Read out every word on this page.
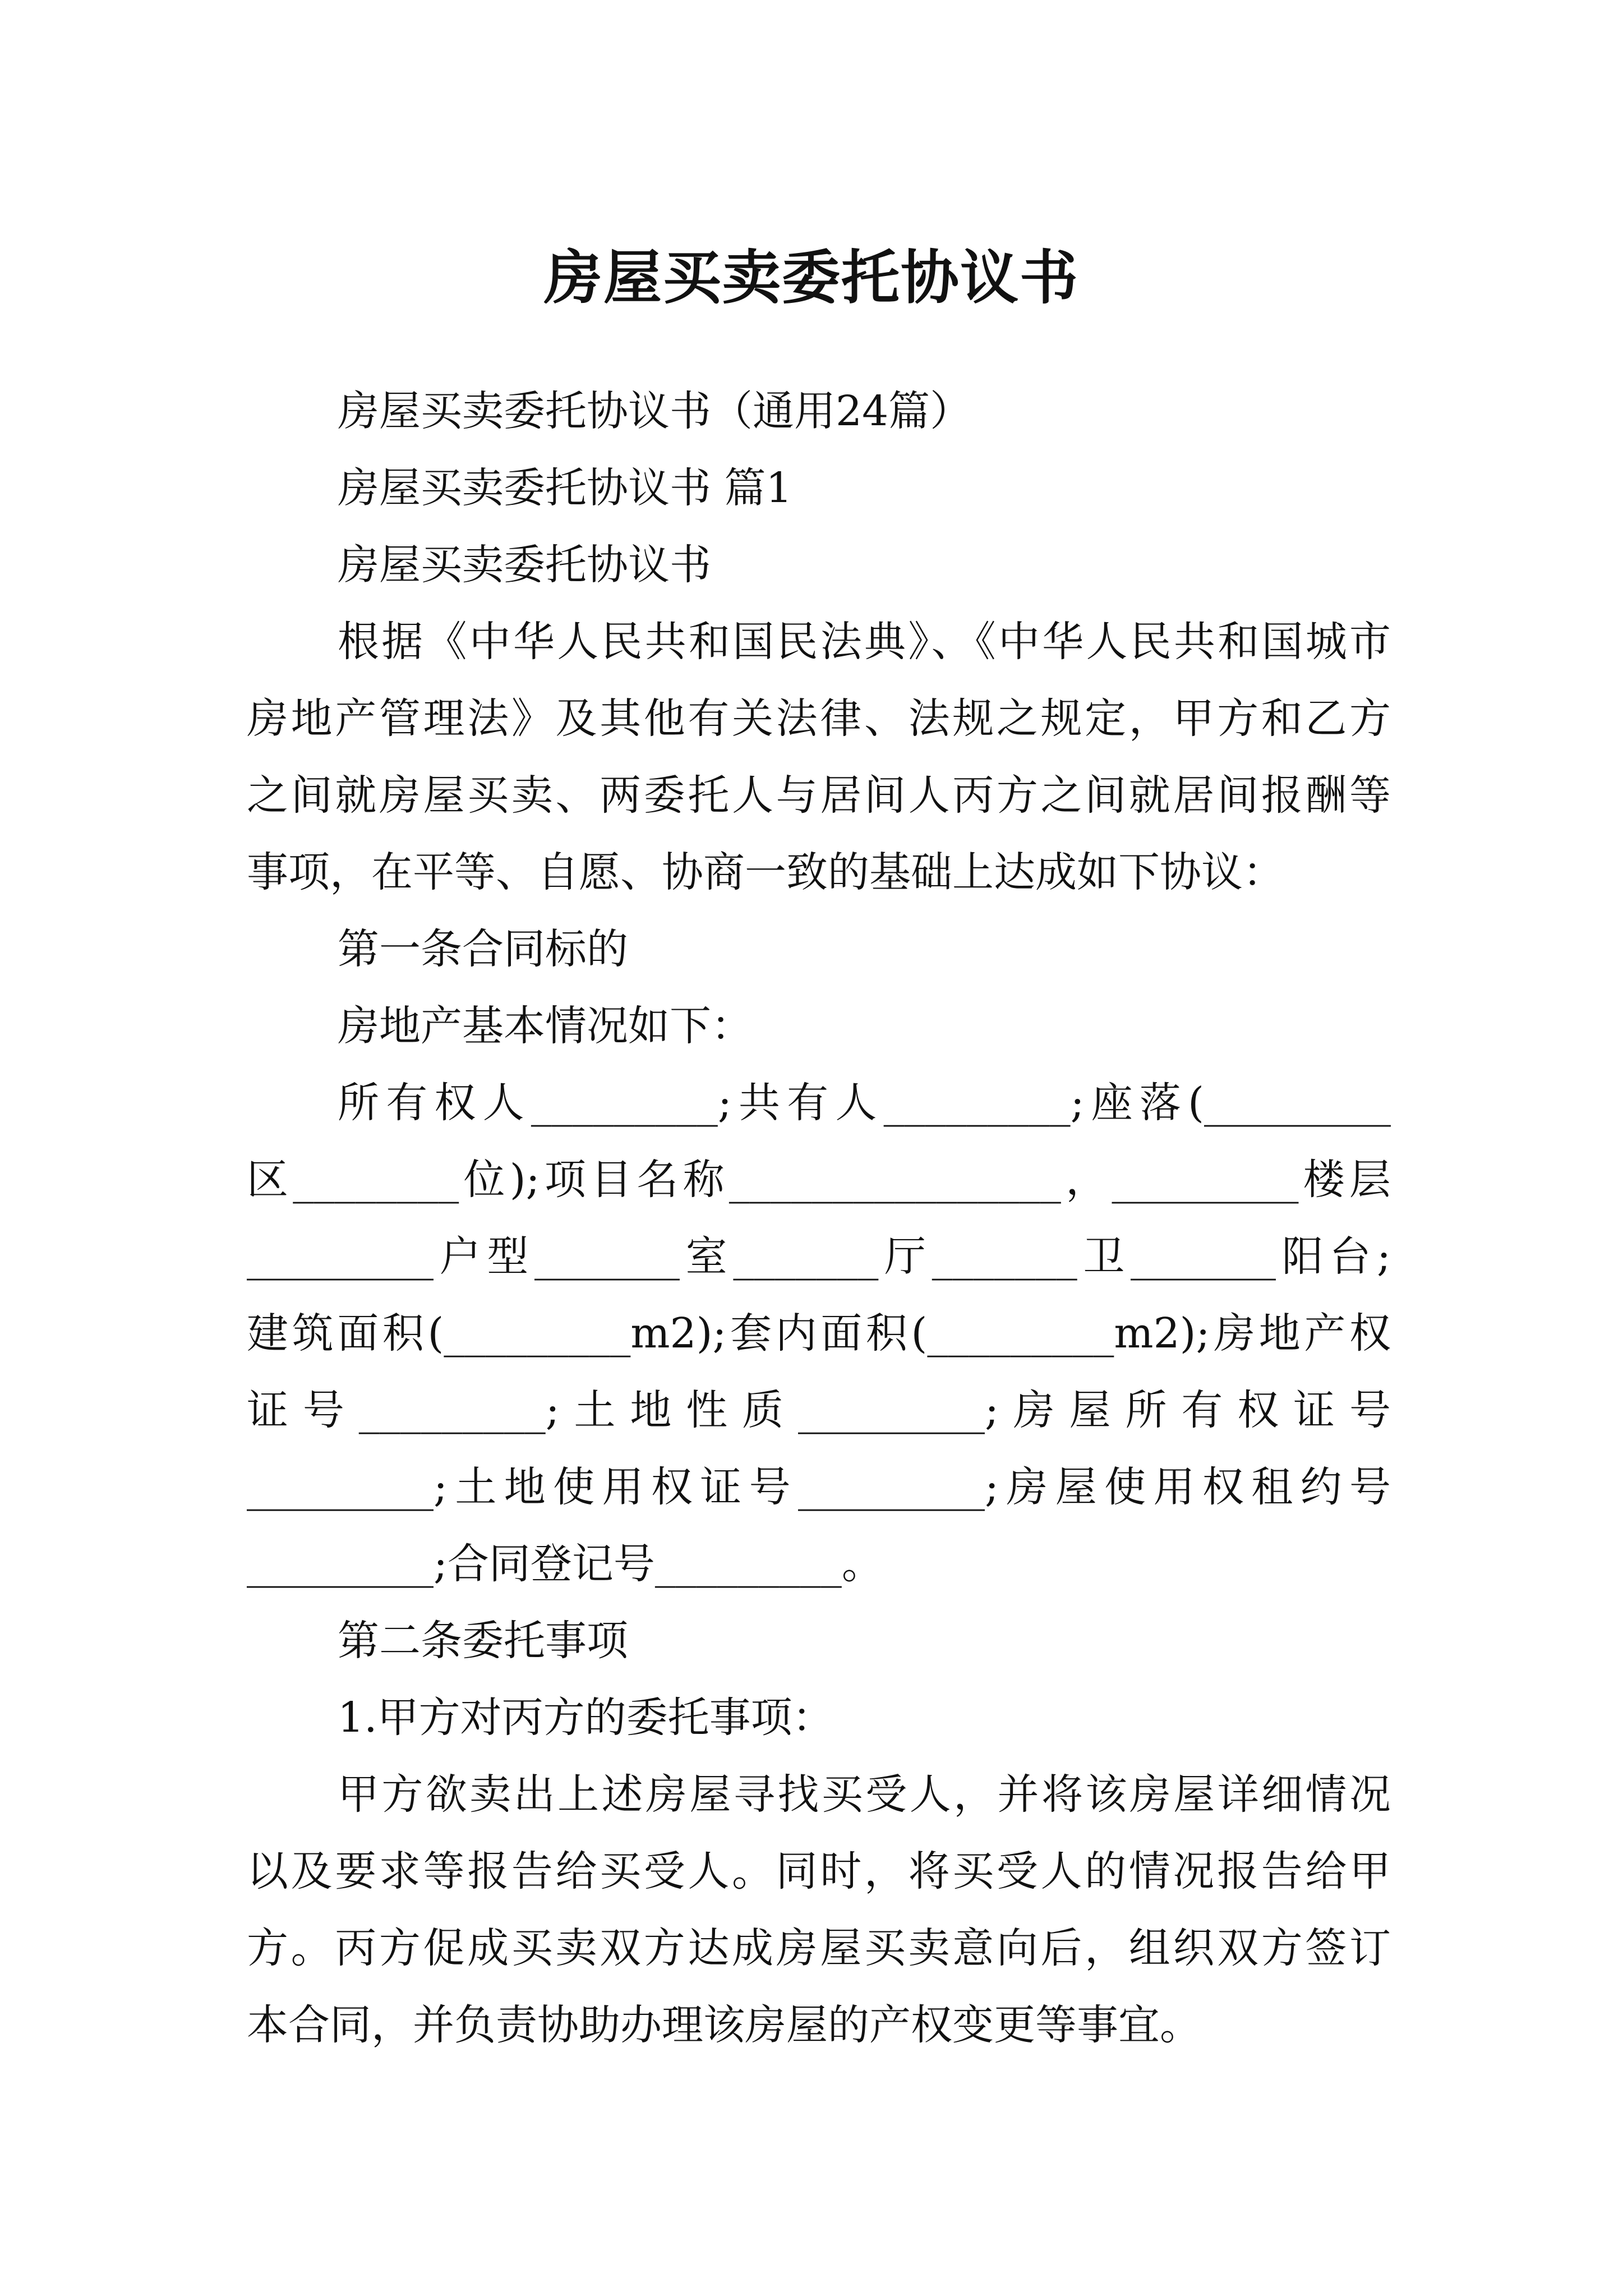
房屋买卖委托协议书
房屋买卖委托协议书（通用24篇）
房屋买卖委托协议书 篇1
房屋买卖委托协议书
根据《中华人民共和国民法典》、《中华人民共和国城市
房地产管理法》及其他有关法律、法规之规定，甲方和乙方
之间就房屋买卖、两委托人与居间人丙方之间就居间报酬等
事项，在平等、自愿、协商一致的基础上达成如下协议：
第一条合同标的
房地产基本情况如下：
所有权人_________;共有人_________;座落(_________
区________位);项目名称________________，_________楼层
_________户型_______室_______厅_______卫_______阳台;
建筑面积(_________m2);套内面积(_________m2);房地产权
证号_________;土地性质_________;房屋所有权证号
_________;土地使用权证号_________;房屋使用权租约号
_________;合同登记号_________。
第二条委托事项
1.甲方对丙方的委托事项：
甲方欲卖出上述房屋寻找买受人，并将该房屋详细情况
以及要求等报告给买受人。同时，将买受人的情况报告给甲
方。丙方促成买卖双方达成房屋买卖意向后，组织双方签订
本合同，并负责协助办理该房屋的产权变更等事宜。
